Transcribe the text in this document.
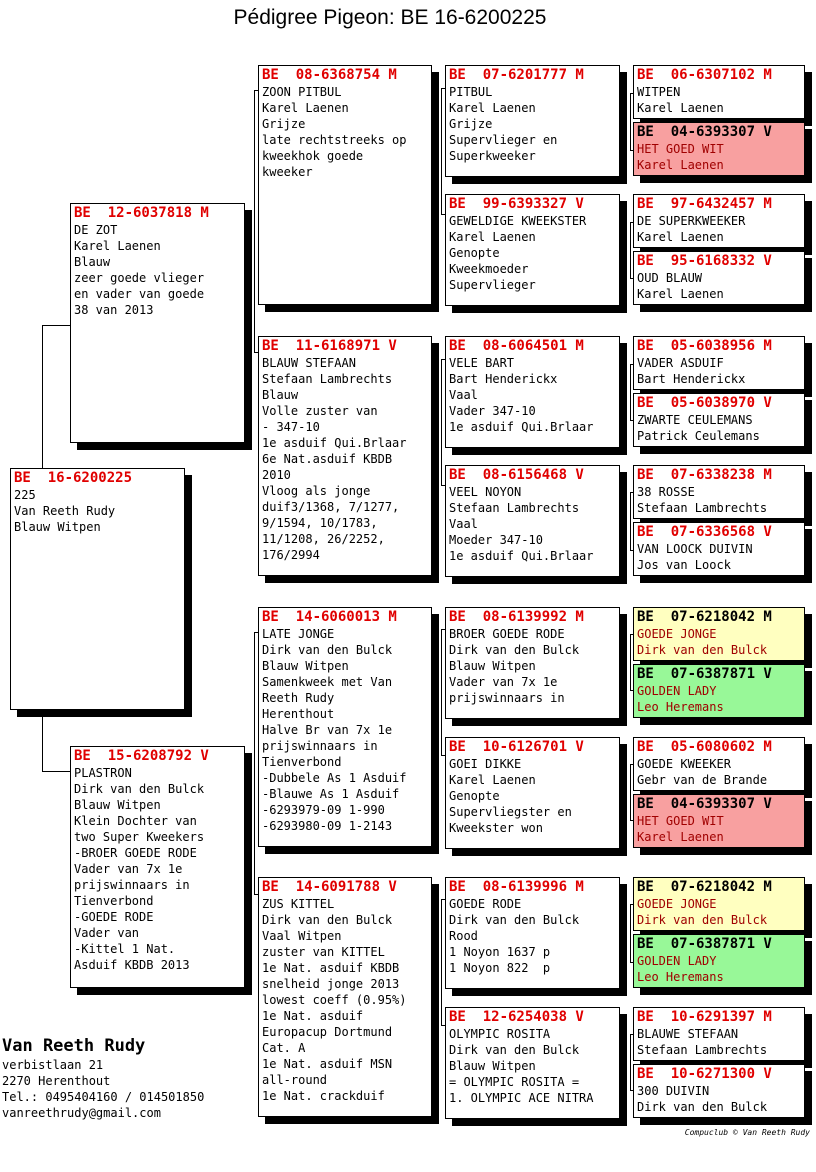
Pédigree Pigeon: BE 16-6200225
BE  16-6200225
225
Van Reeth Rudy
Blauw Witpen
BE  12-6037818 M
DE ZOT
Karel Laenen
Blauw
zeer goede vlieger
en vader van goede
38 van 2013
BE  15-6208792 V
PLASTRON
Dirk van den Bulck
Blauw Witpen
Klein Dochter van
two Super Kweekers
-BROER GOEDE RODE
Vader van 7x 1e
prijswinnaars in
Tienverbond
-GOEDE RODE
Vader van
-Kittel 1 Nat.
Asduif KBDB 2013
BE  08-6368754 M
ZOON PITBUL
Karel Laenen
Grijze
late rechtstreeks op
kweekhok goede
kweeker
BE  11-6168971 V
BLAUW STEFAAN
Stefaan Lambrechts
Blauw
Volle zuster van
- 347-10
1e asduif Qui.Brlaar
6e Nat.asduif KBDB
2010
Vloog als jonge
duif3/1368, 7/1277,
9/1594, 10/1783,
11/1208, 26/2252,
176/2994
BE  14-6060013 M
LATE JONGE
Dirk van den Bulck
Blauw Witpen
Samenkweek met Van
Reeth Rudy
Herenthout
Halve Br van 7x 1e
prijswinnaars in
Tienverbond
-Dubbele As 1 Asduif
-Blauwe As 1 Asduif
-6293979-09 1-990
-6293980-09 1-2143
BE  14-6091788 V
ZUS KITTEL
Dirk van den Bulck
Vaal Witpen
zuster van KITTEL
1e Nat. asduif KBDB
snelheid jonge 2013
lowest coeff (0.95%)
1e Nat. asduif
Europacup Dortmund
Cat. A
1e Nat. asduif MSN
all-round
1e Nat. crackduif
BE  07-6201777 M
PITBUL
Karel Laenen
Grijze
Supervlieger en
Superkweeker
BE  99-6393327 V
GEWELDIGE KWEEKSTER
Karel Laenen
Genopte
Kweekmoeder
Supervlieger
BE  08-6064501 M
VELE BART
Bart Henderickx
Vaal
Vader 347-10
1e asduif Qui.Brlaar
BE  08-6156468 V
VEEL NOYON
Stefaan Lambrechts
Vaal
Moeder 347-10
1e asduif Qui.Brlaar
BE  08-6139992 M
BROER GOEDE RODE
Dirk van den Bulck
Blauw Witpen
Vader van 7x 1e
prijswinnaars in
BE  10-6126701 V
GOEI DIKKE
Karel Laenen
Genopte
Supervliegster en
Kweekster won
BE  08-6139996 M
GOEDE RODE
Dirk van den Bulck
Rood
1 Noyon 1637 p
1 Noyon 822  p
BE  12-6254038 V
OLYMPIC ROSITA
Dirk van den Bulck
Blauw Witpen
= OLYMPIC ROSITA =
1. OLYMPIC ACE NITRA
BE  06-6307102 M
WITPEN
Karel Laenen
BE  04-6393307 V
HET GOED WIT
Karel Laenen
BE  97-6432457 M
DE SUPERKWEEKER
Karel Laenen
BE  95-6168332 V
OUD BLAUW
Karel Laenen
BE  05-6038956 M
VADER ASDUIF
Bart Henderickx
BE  05-6038970 V
ZWARTE CEULEMANS
Patrick Ceulemans
BE  07-6338238 M
38 ROSSE
Stefaan Lambrechts
BE  07-6336568 V
VAN LOOCK DUIVIN
Jos van Loock
BE  07-6218042 M
GOEDE JONGE
Dirk van den Bulck
BE  07-6387871 V
GOLDEN LADY
Leo Heremans
BE  05-6080602 M
GOEDE KWEEKER
Gebr van de Brande
BE  04-6393307 V
HET GOED WIT
Karel Laenen
BE  07-6218042 M
GOEDE JONGE
Dirk van den Bulck
BE  07-6387871 V
GOLDEN LADY
Leo Heremans
BE  10-6291397 M
BLAUWE STEFAAN
Stefaan Lambrechts
BE  10-6271300 V
300 DUIVIN
Dirk van den Bulck
Van Reeth Rudy
verbistlaan 21
2270 Herenthout
Tel.: 0495404160 / 014501850
vanreethrudy@gmail.com
Compuclub © Van Reeth Rudy
